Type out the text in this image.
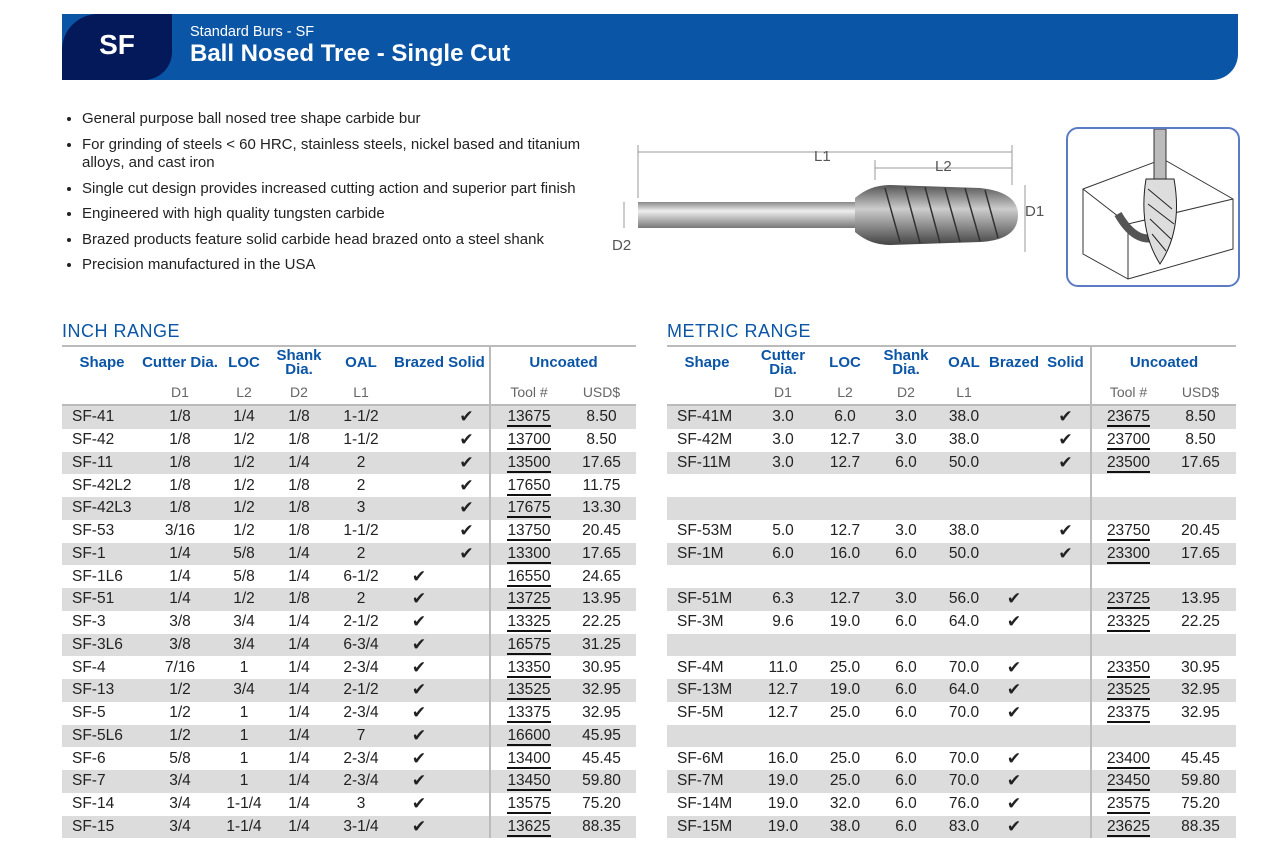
SF	Standard Burs - SF
Ball Nosed Tree - Single Cut
• General purpose ball nosed tree shape carbide bur
• For grinding of steels < 60 HRC, stainless steels, nickel based and titanium alloys, and cast iron
• Single cut design provides increased cutting action and superior part finish
• Engineered with high quality tungsten carbide
• Brazed products feature solid carbide head brazed onto a steel shank
• Precision manufactured in the USA
L1
L2
D1
D2
INCH RANGE	METRIC RANGE
Shape	Cutter Dia.	LOC	Shank Dia.	OAL	Brazed	Solid	Uncoated	
	D1	L2	D2	L1			Tool #	USD$
SF-41	1/8	1/4	1/8	1-1/2		✔	13675	8.50
SF-42	1/8	1/2	1/8	1-1/2		✔	13700	8.50
SF-11	1/8	1/2	1/4	2		✔	13500	17.65
SF-42L2	1/8	1/2	1/8	2		✔	17650	11.75
SF-42L3	1/8	1/2	1/8	3		✔	17675	13.30
SF-53	3/16	1/2	1/8	1-1/2		✔	13750	20.45
SF-1	1/4	5/8	1/4	2		✔	13300	17.65
SF-1L6	1/4	5/8	1/4	6-1/2	✔		16550	24.65
SF-51	1/4	1/2	1/8	2	✔		13725	13.95
SF-3	3/8	3/4	1/4	2-1/2	✔		13325	22.25
SF-3L6	3/8	3/4	1/4	6-3/4	✔		16575	31.25
SF-4	7/16	1	1/4	2-3/4	✔		13350	30.95
SF-13	1/2	3/4	1/4	2-1/2	✔		13525	32.95
SF-5	1/2	1	1/4	2-3/4	✔		13375	32.95
SF-5L6	1/2	1	1/4	7	✔		16600	45.95
SF-6	5/8	1	1/4	2-3/4	✔		13400	45.45
SF-7	3/4	1	1/4	2-3/4	✔		13450	59.80
SF-14	3/4	1-1/4	1/4	3	✔		13575	75.20
SF-15	3/4	1-1/4	1/4	3-1/4	✔		13625	88.35
Shape	Cutter Dia.	LOC	Shank Dia.	OAL	Brazed	Solid	Uncoated	
	D1	L2	D2	L1			Tool #	USD$
SF-41M	3.0	6.0	3.0	38.0		✔	23675	8.50
SF-42M	3.0	12.7	3.0	38.0		✔	23700	8.50
SF-11M	3.0	12.7	6.0	50.0		✔	23500	17.65

SF-53M	5.0	12.7	3.0	38.0		✔	23750	20.45
SF-1M	6.0	16.0	6.0	50.0		✔	23300	17.65

SF-51M	6.3	12.7	3.0	56.0	✔		23725	13.95
SF-3M	9.6	19.0	6.0	64.0	✔		23325	22.25

SF-4M	11.0	25.0	6.0	70.0	✔		23350	30.95
SF-13M	12.7	19.0	6.0	64.0	✔		23525	32.95
SF-5M	12.7	25.0	6.0	70.0	✔		23375	32.95

SF-6M	16.0	25.0	6.0	70.0	✔		23400	45.45
SF-7M	19.0	25.0	6.0	70.0	✔		23450	59.80
SF-14M	19.0	32.0	6.0	76.0	✔		23575	75.20
SF-15M	19.0	38.0	6.0	83.0	✔		23625	88.35
